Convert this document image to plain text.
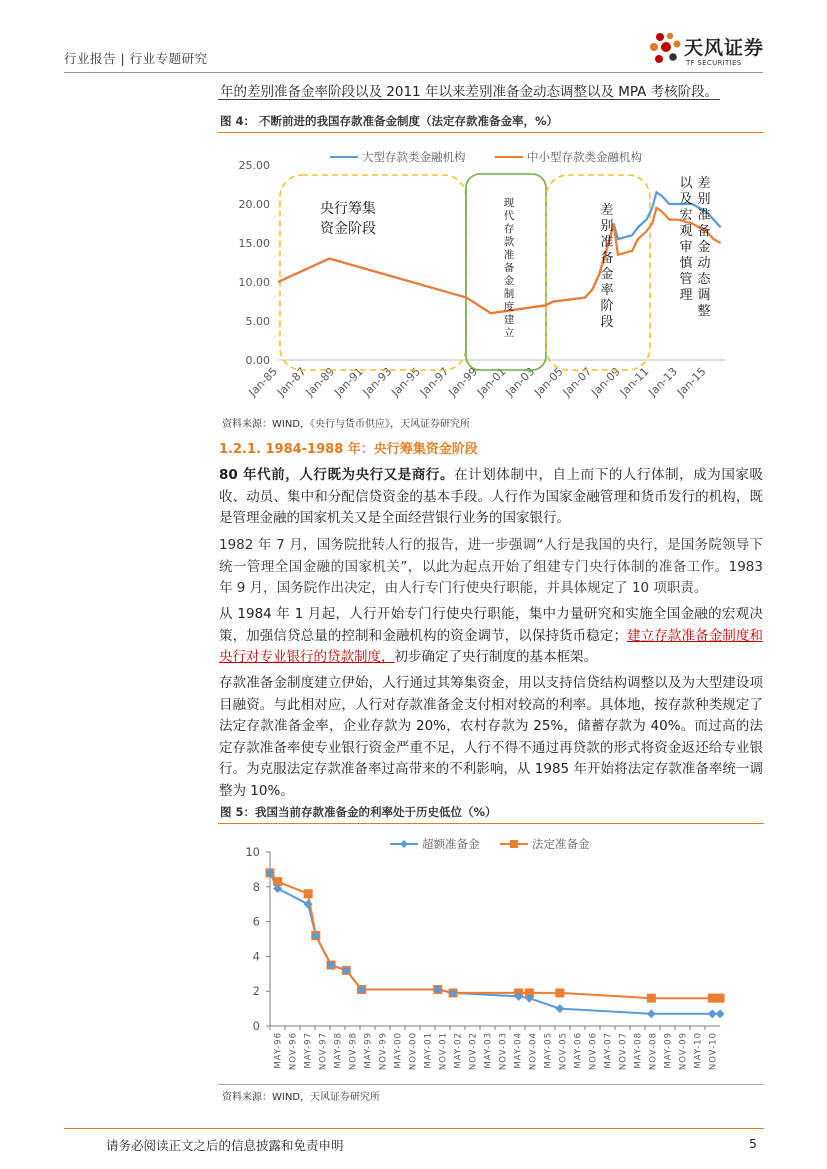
行业报告 | 行业专题研究	天风证券
TF SECURITIES
年的差别准备金率阶段以及 2011 年以来差别准备金动态调整以及 MPA 考核阶段。
图 4： 不断前进的我国存款准备金制度（法定存款准备金率，%）
0.00
5.00
10.00
15.00
20.00
25.00
Jan-85
Jan-87
Jan-89
Jan-91
Jan-93
Jan-95
Jan-97
Jan-99
Jan-01
Jan-03
Jan-05
Jan-07
Jan-09
Jan-11
Jan-13
Jan-15
大型存款类金融机构	中小型存款类金融机构
央行筹集
资金阶段
现代存款准备金制度建立
差别准备金率阶段
以及宏观审慎管理
差别准备金动态调整
资料来源：WIND，《央行与货币供应》，天风证券研究所
1.2.1. 1984-1988 年：央行筹集资金阶段

80 年代前，人行既为央行又是商行。在计划体制中，自上而下的人行体制，成为国家吸收、动员、集中和分配信贷资金的基本手段。人行作为国家金融管理和货币发行的机构，既是管理金融的国家机关又是全面经营银行业务的国家银行。

1982 年 7 月，国务院批转人行的报告，进一步强调“人行是我国的央行，是国务院领导下统一管理全国金融的国家机关”，以此为起点开始了组建专门央行体制的准备工作。1983 年 9 月，国务院作出决定，由人行专门行使央行职能，并具体规定了 10 项职责。

从 1984 年 1 月起，人行开始专门行使央行职能，集中力量研究和实施全国金融的宏观决策，加强信贷总量的控制和金融机构的资金调节，以保持货币稳定；建立存款准备金制度和央行对专业银行的贷款制度，初步确定了央行制度的基本框架。

存款准备金制度建立伊始，人行通过其筹集资金，用以支持信贷结构调整以及为大型建设项目融资。与此相对应，人行对存款准备金支付相对较高的利率。具体地，按存款种类规定了法定存款准备金率，企业存款为 20%，农村存款为 25%，储蓄存款为 40%。而过高的法定存款准备率使专业银行资金严重不足，人行不得不通过再贷款的形式将资金返还给专业银行。为克服法定存款准备率过高带来的不利影响，从 1985 年开始将法定存款准备率统一调整为 10%。

图 5：我国当前存款准备金的利率处于历史低位（%）
0
2
4
6
8
10
MAY-96 NOV-96 MAY-97 NOV-97 MAY-98 NOV-98 MAY-99 NOV-99 MAY-00 NOV-00 MAY-01 NOV-01 MAY-02 NOV-02 MAY-03 NOV-03 MAY-04 NOV-04 MAY-05 NOV-05 MAY-06 NOV-06 MAY-07 NOV-07 MAY-08 NOV-08 MAY-09 NOV-09 MAY-10 NOV-10
超额准备金	法定准备金
资料来源：WIND，天风证券研究所
请务必阅读正文之后的信息披露和免责申明	5
